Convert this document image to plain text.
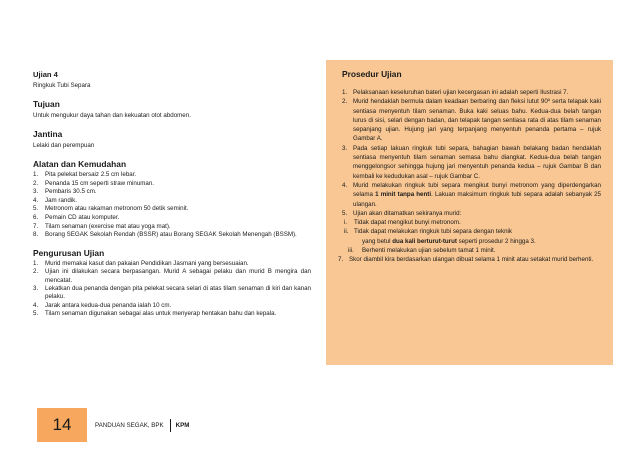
Ujian 4

Ringkuk Tubi Separa

Tujuan

Untuk mengukur daya tahan dan kekuatan otot abdomen.

Jantina

Lelaki dan perempuan

Alatan dan Kemudahan

1.	Pita pelekat bersaiz 2.5 cm lebar.
2.	Penanda 15 cm seperti straw minuman.
3.	Pembaris 30.5 cm.
4.	Jam randik.
5.	Metronom atau rakaman metronom 50 detik seminit.
6.	Pemain CD atau komputer.
7.	Tilam senaman (exercise mat atau yoga mat).
8.	Borang SEGAK Sekolah Rendah (BSSR) atau Borang SEGAK Sekolah Menengah (BSSM).

Pengurusan Ujian

1.	Murid memakai kasut dan pakaian Pendidikan Jasmani yang bersesuaian.
2.	Ujian ini dilakukan secara berpasangan. Murid A sebagai pelaku dan murid B mengira dan mencatat.
3.	Lekatkan dua penanda dengan pita pelekat secara selari di atas tilam senaman di kiri dan kanan pelaku.
4.	Jarak antara kedua-dua penanda ialah 10 cm.
5.	Tilam senaman digunakan sebagai alas untuk menyerap hentakan bahu dan kepala.

Prosedur Ujian

1. Pelaksanaan keseluruhan bateri ujian kecergasan ini adalah seperti Ilustrasi 7.
2. Murid hendaklah bermula dalam keadaan berbaring dan fleksi lutut 90º serta telapak kaki sentiasa menyentuh tilam senaman. Buka kaki seluas bahu. Kedua-dua belah tangan lurus di sisi, selari dengan badan, dan telapak tangan sentiasa rata di atas tilam senaman sepanjang ujian. Hujung jari yang terpanjang menyentuh penanda pertama – rujuk Gambar A.
3. Pada setiap lakuan ringkuk tubi separa, bahagian bawah belakang badan hendaklah sentiasa menyentuh tilam senaman semasa bahu diangkat. Kedua-dua belah tangan menggelongsor sehingga hujung jari menyentuh penanda kedua – rujuk Gambar B dan kembali ke kedudukan asal – rujuk Gambar C.
4. Murid melakukan ringkuk tubi separa mengikut bunyi metronom yang diperdengarkan selama 1 minit tanpa henti. Lakuan maksimum ringkuk tubi separa adalah sebanyak 25 ulangan.
5. Ujian akan ditamatkan sekiranya murid:
i.	Tidak dapat mengikut bunyi metronom.
ii. Tidak dapat melakukan ringkuk tubi separa dengan teknik
yang betul dua kali berturut-turut seperti prosedur 2 hingga 3.
iii.	Berhenti melakukan ujian sebelum tamat 1 minit.
7. Skor diambil kira berdasarkan ulangan dibuat selama 1 minit atau setakat murid berhenti.
14	PANDUAN SEGAK, BPK KPM
